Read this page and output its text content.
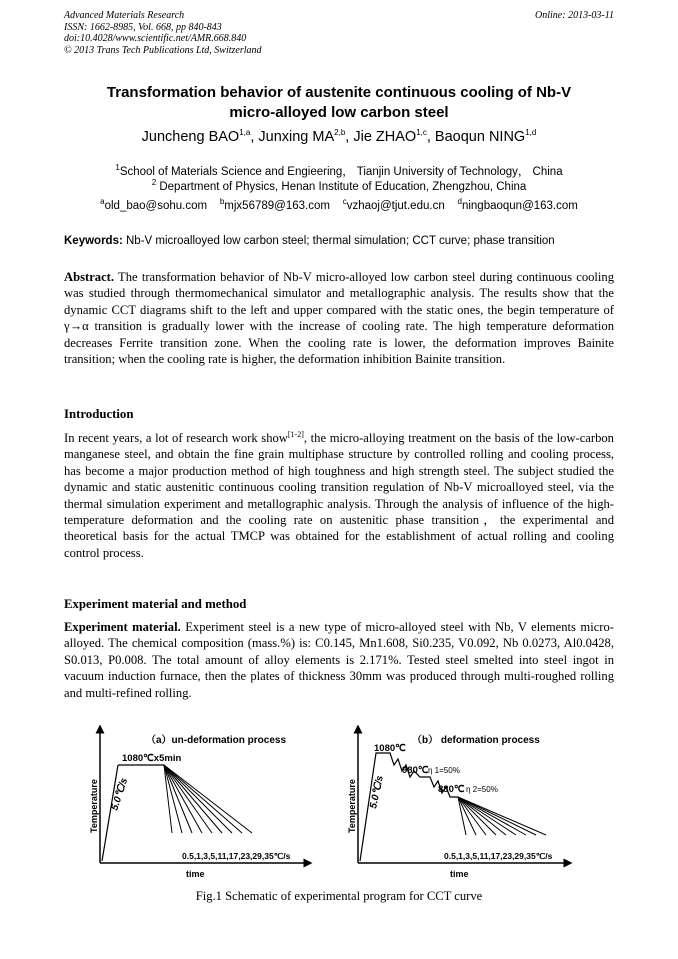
Advanced Materials Research
ISSN: 1662-8985, Vol. 668, pp 840-843
doi:10.4028/www.scientific.net/AMR.668.840
© 2013 Trans Tech Publications Ltd, Switzerland
Online: 2013-03-11
Transformation behavior of austenite continuous cooling of Nb-V
micro-alloyed low carbon steel
Juncheng BAO$^{1,a}$, Junxing MA$^{2,b}$, Jie ZHAO$^{1,c}$, Baoqun NING$^{1,d}$
$^1$School of Materials Science and Engieering， Tianjin University of Technology， China
$^2$ Department of Physics, Henan Institute of Education, Zhengzhou, China
$^a$old_bao@sohu.com $^b$mjx56789@163.com $^c$vzhaoj@tjut.edu.cn $^d$ningbaoqun@163.com
Keywords: Nb-V microalloyed low carbon steel; thermal simulation; CCT curve; phase transition
Abstract. The transformation behavior of Nb-V micro-alloyed low carbon steel during continuous cooling was studied through thermomechanical simulator and metallographic analysis. The results show that the dynamic CCT diagrams shift to the left and upper compared with the static ones, the begin temperature of γ→α transition is gradually lower with the increase of cooling rate. The high temperature deformation decreases Ferrite transition zone. When the cooling rate is lower, the deformation improves Bainite transition; when the cooling rate is higher, the deformation inhibition Bainite transition.
Introduction
In recent years, a lot of research work show[1-2], the micro-alloying treatment on the basis of the low-carbon manganese steel, and obtain the fine grain multiphase structure by controlled rolling and cooling process, has become a major production method of high toughness and high strength steel. The subject studied the dynamic and static austenitic continuous cooling transition regulation of Nb-V microalloyed steel, via the thermal simulation experiment and metallographic analysis. Through the analysis of influence of the high-temperature deformation and the cooling rate on austenitic phase transition，the experimental and theoretical basis for the actual TMCP was obtained for the establishment of actual rolling and cooling control process.
Experiment material and method
Experiment material. Experiment steel is a new type of micro-alloyed steel with Nb, V elements micro-alloyed. The chemical composition (mass.%) is: C0.145, Mn1.608, Si0.235, V0.092, Nb 0.0273, Al0.0428, S0.013, P0.008. The total amount of alloy elements is 2.171%. Tested steel smelted into steel ingot in vacuum induction furnace, then the plates of thickness 30mm was produced through multi-roughed rolling and multi-refined rolling.
（a）un-deformation process
1080℃x5min
5.0℃/s
Temperature
0.5,1,3,5,11,17,23,29,35℃/s
time
（b） deformation process
1080℃
980℃ η 1=50%
880℃ η 2=50%
5.0℃/s
Temperature
0.5,1,3,5,11,17,23,29,35℃/s
time
Fig.1 Schematic of experimental program for CCT curve
